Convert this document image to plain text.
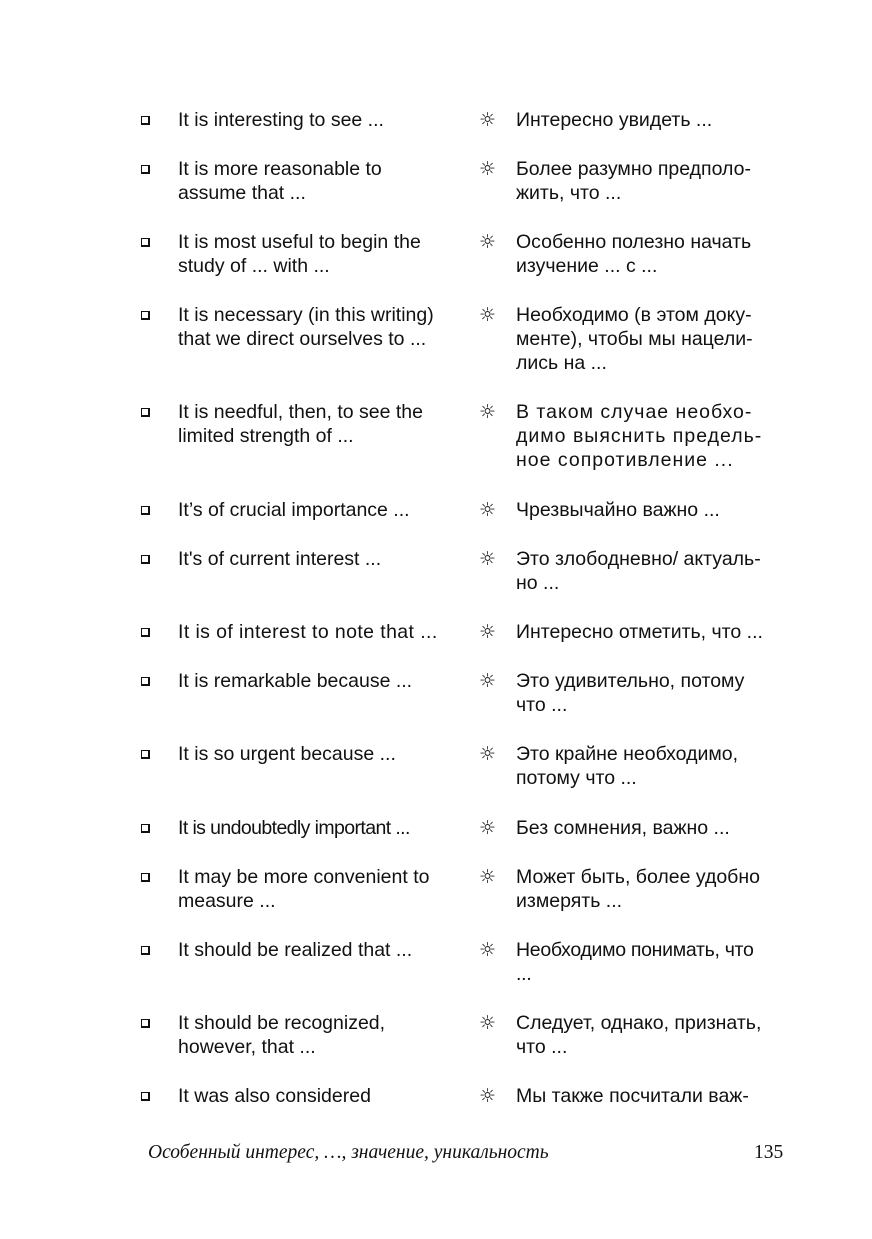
It is interesting to see ...	☼ Интересно увидеть ...
It is more reasonable to
assume that ...
☼ Более разумно предполо-
жить, что ...
It is most useful to begin the
study of ... with ...
☼ Особенно полезно начать
изучение ... с ...
It is necessary (in this writing)
that we direct ourselves to ...
☼ Необходимо (в этом доку-
менте), чтобы мы нацели-
лись на ...
It is needful, then, to see the
limited strength of ...
☼ В таком случае необхо-
димо выяснить предель-
ное сопротивление ...
It’s of crucial importance ...	☼ Чрезвычайно важно ...
It's of current interest ...	☼ Это злободневно/ актуаль-
но ...
It is of interest to note that ...	☼ Интересно отметить, что ...
It is remarkable because ...	☼ Это удивительно, потому
что ...
It is so urgent because ...	☼ Это крайне необходимо,
потому что ...
It is undoubtedly important ...	☼ Без сомнения, важно ...
It may be more convenient to
measure ...
☼ Может быть, более удобно
измерять ...
It should be realized that ...	☼ Необходимо понимать, что
...
It should be recognized,
however, that ...
☼ Следует, однако, признать,
что ...
It was also considered	☼ Мы также посчитали важ-
Особенный интерес, …, значение, уникальность	135
